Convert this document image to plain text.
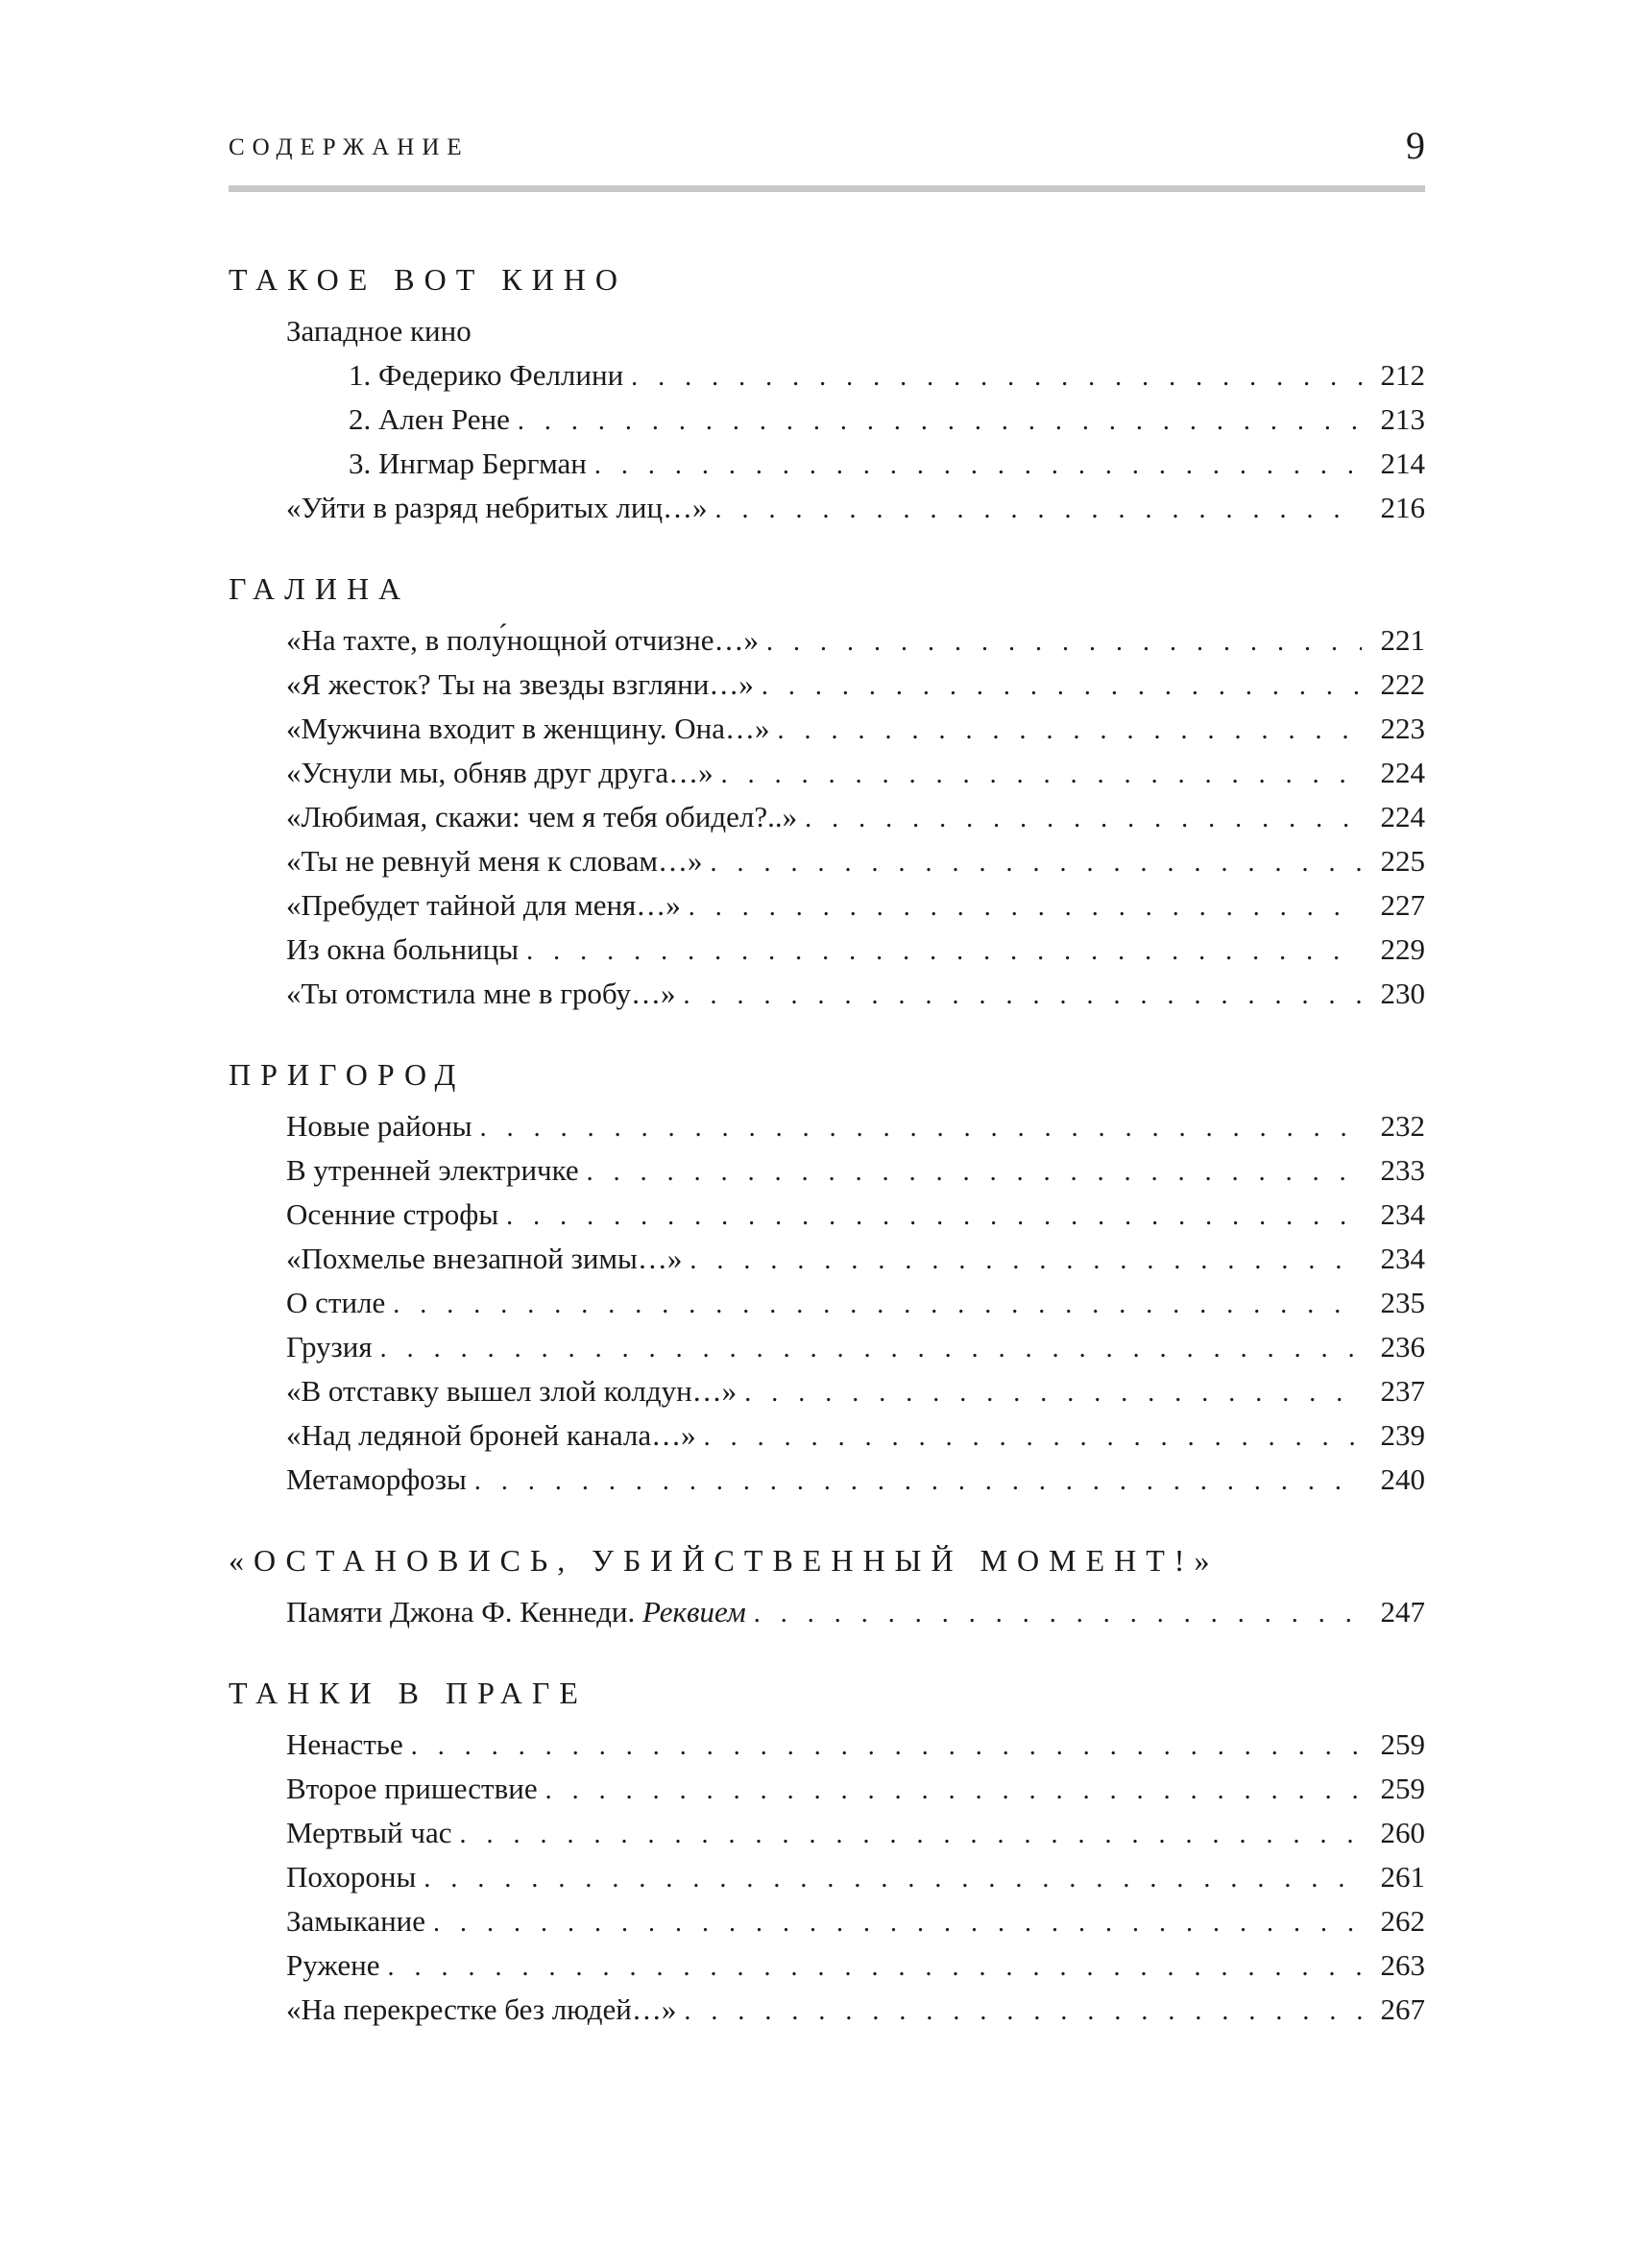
СОДЕРЖАНИЕ	9
ТАКОЕ ВОТ КИНО
Западное кино
1. Федерико Феллини . . .	212
2. Ален Рене . . .	213
3. Ингмар Бергман . . .	214
«Уйти в разряд небритых лиц…» . . .	216
ГАЛИНА
«На тахте, в полу́нощной отчизне…» . . .	221
«Я жесток? Ты на звезды взгляни…» . . .	222
«Мужчина входит в женщину. Она…» . . .	223
«Уснули мы, обняв друг друга…» . . .	224
«Любимая, скажи: чем я тебя обидел?..» . . .	224
«Ты не ревнуй меня к словам…» . . .	225
«Пребудет тайной для меня…» . . .	227
Из окна больницы . . .	229
«Ты отомстила мне в гробу…» . . .	230
ПРИГОРОД
Новые районы . . .	232
В утренней электричке . . .	233
Осенние строфы . . .	234
«Похмелье внезапной зимы…» . . .	234
О стиле . . .	235
Грузия . . .	236
«В отставку вышел злой колдун…» . . .	237
«Над ледяной броней канала…» . . .	239
Метаморфозы . . .	240
«ОСТАНОВИСЬ, УБИЙСТВЕННЫЙ МОМЕНТ!»
Памяти Джона Ф. Кеннеди. Реквием . . .	247
ТАНКИ В ПРАГЕ
Ненастье . . .	259
Второе пришествие . . .	259
Мертвый час . . .	260
Похороны . . .	261
Замыкание . . .	262
Ружене . . .	263
«На перекрестке без людей…» . . .	267
